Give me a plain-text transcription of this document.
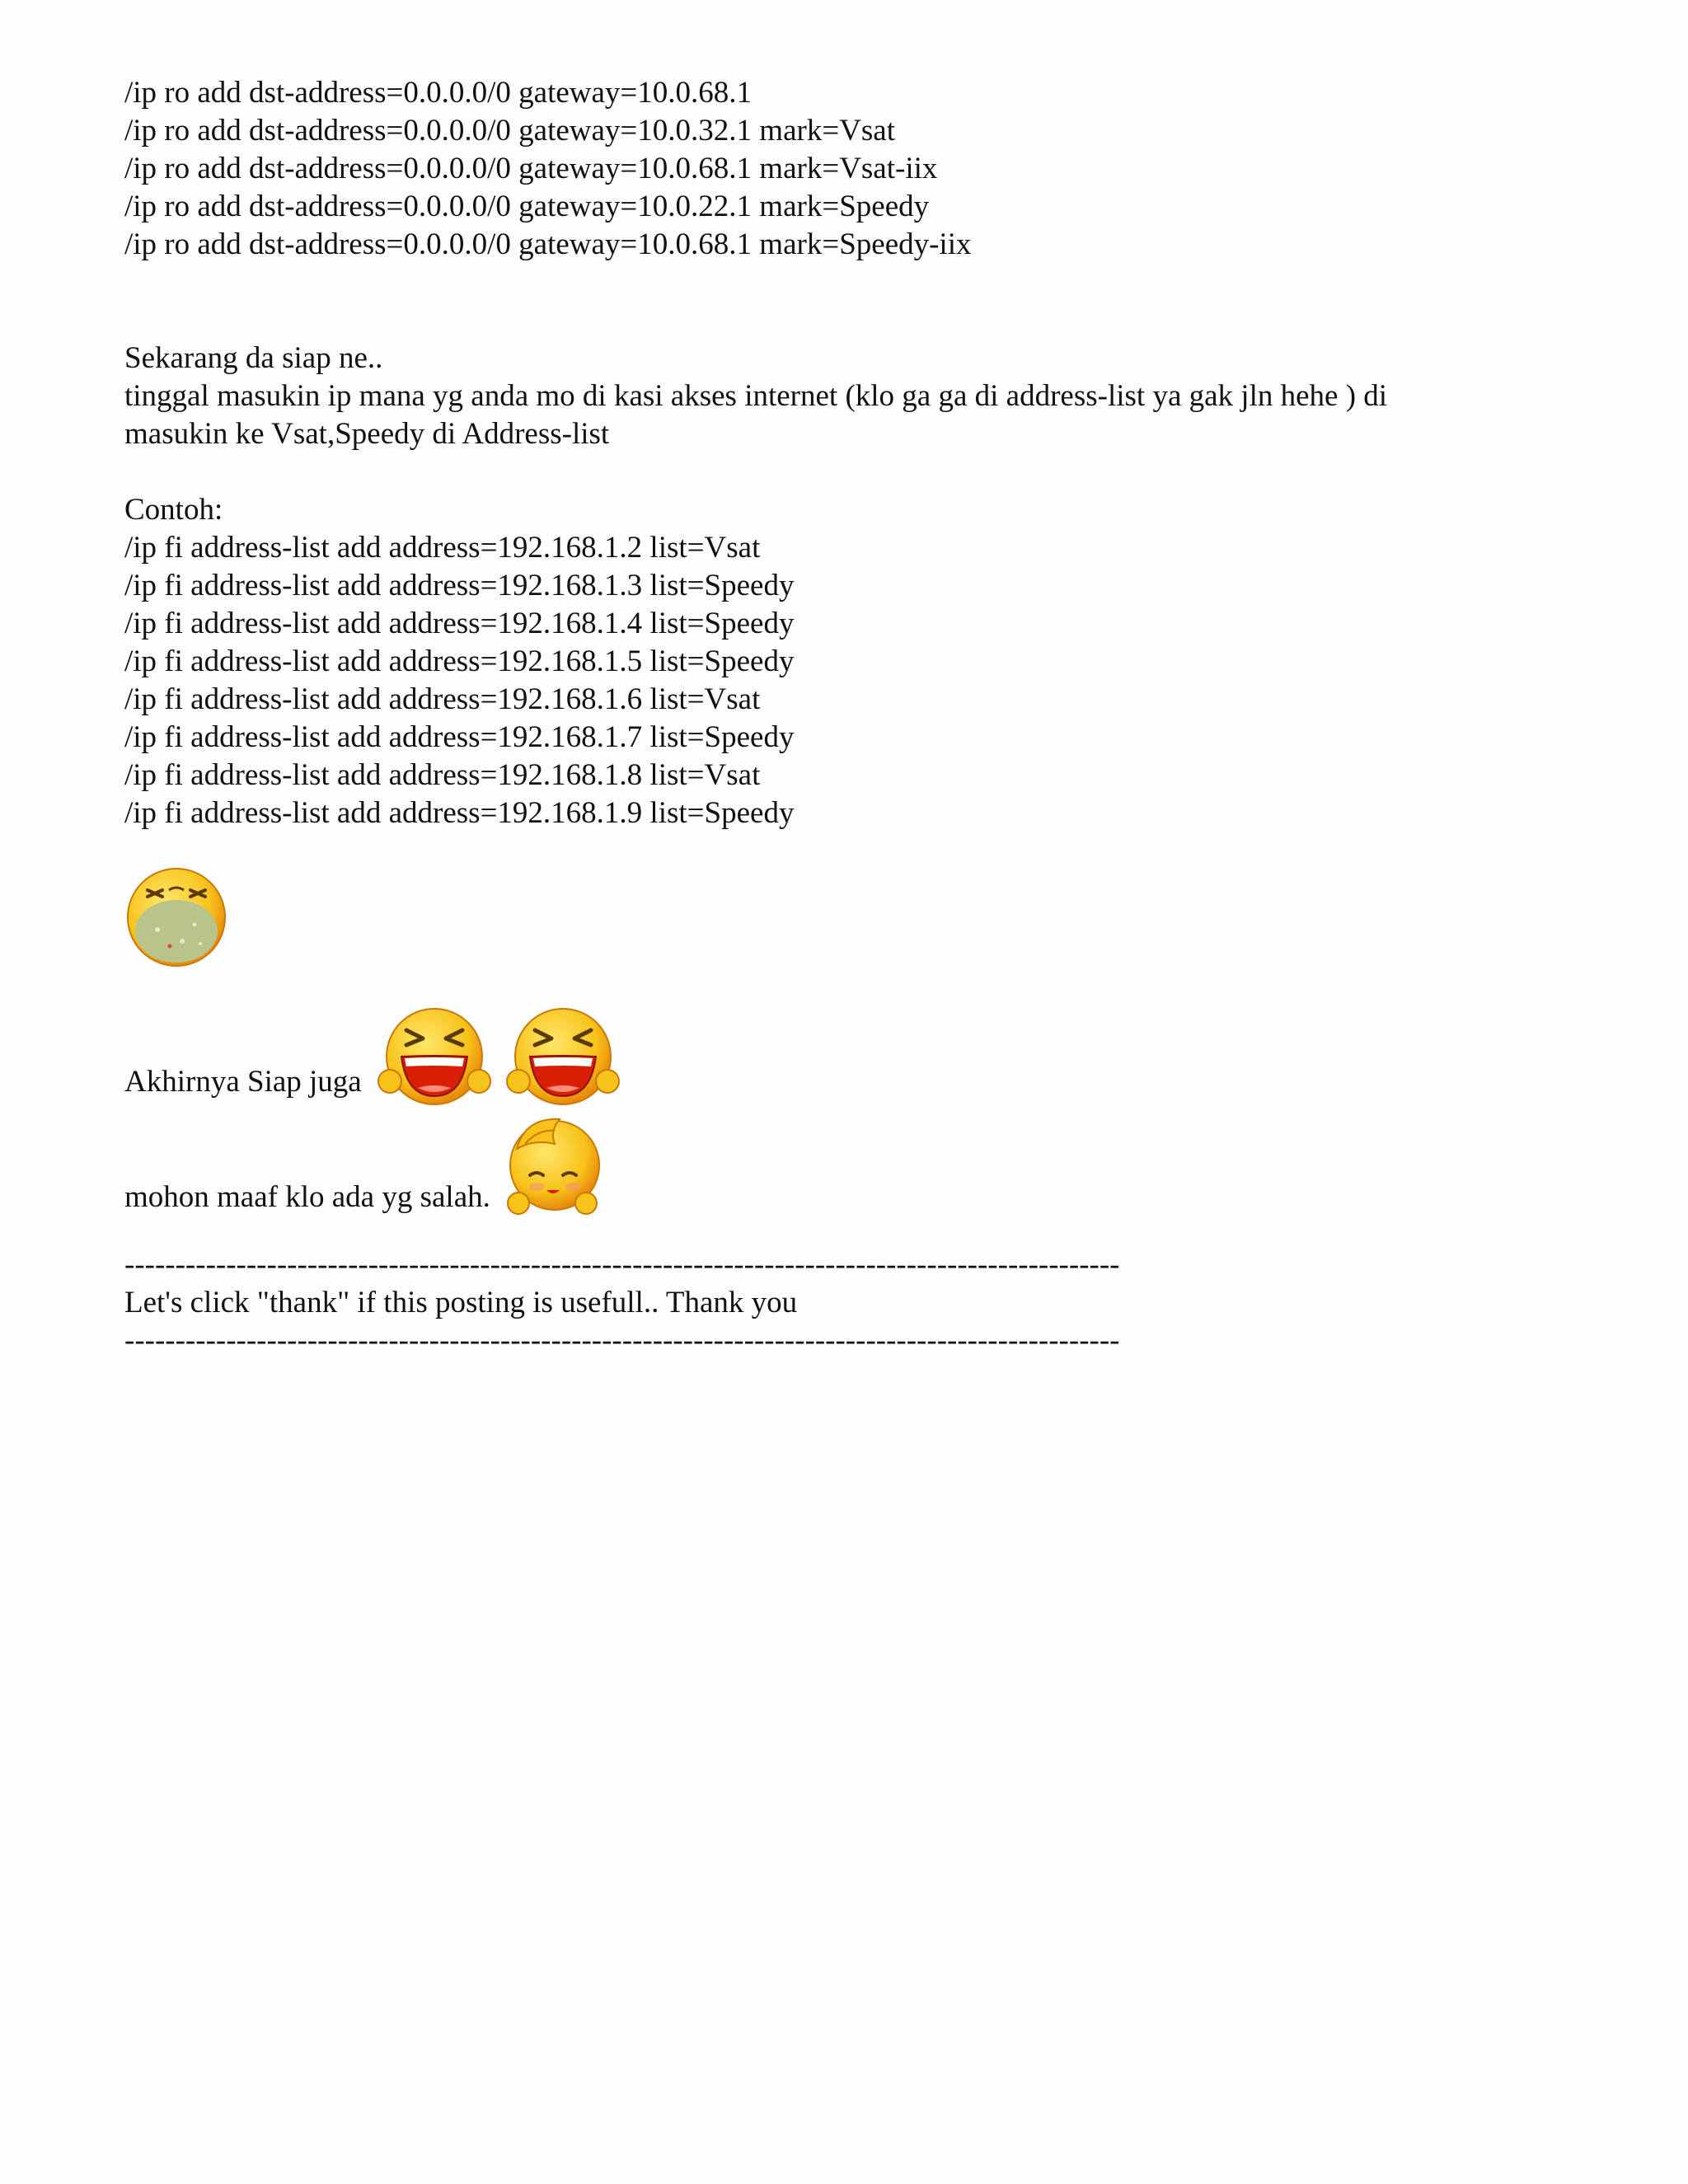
/ip ro add dst-address=0.0.0.0/0 gateway=10.0.68.1
/ip ro add dst-address=0.0.0.0/0 gateway=10.0.32.1 mark=Vsat
/ip ro add dst-address=0.0.0.0/0 gateway=10.0.68.1 mark=Vsat-iix
/ip ro add dst-address=0.0.0.0/0 gateway=10.0.22.1 mark=Speedy
/ip ro add dst-address=0.0.0.0/0 gateway=10.0.68.1 mark=Speedy-iix
Sekarang da siap ne..
tinggal masukin ip mana yg anda mo di kasi akses internet (klo ga ga di address-list ya gak jln hehe ) di
masukin ke Vsat,Speedy di Address-list
Contoh:
/ip fi address-list add address=192.168.1.2 list=Vsat
/ip fi address-list add address=192.168.1.3 list=Speedy
/ip fi address-list add address=192.168.1.4 list=Speedy
/ip fi address-list add address=192.168.1.5 list=Speedy
/ip fi address-list add address=192.168.1.6 list=Vsat
/ip fi address-list add address=192.168.1.7 list=Speedy
/ip fi address-list add address=192.168.1.8 list=Vsat
/ip fi address-list add address=192.168.1.9 list=Speedy
Akhirnya Siap juga
mohon maaf klo ada yg salah.
--------------------------------------------------------------------------------------------------
Let's click "thank" if this posting is usefull.. Thank you
--------------------------------------------------------------------------------------------------
